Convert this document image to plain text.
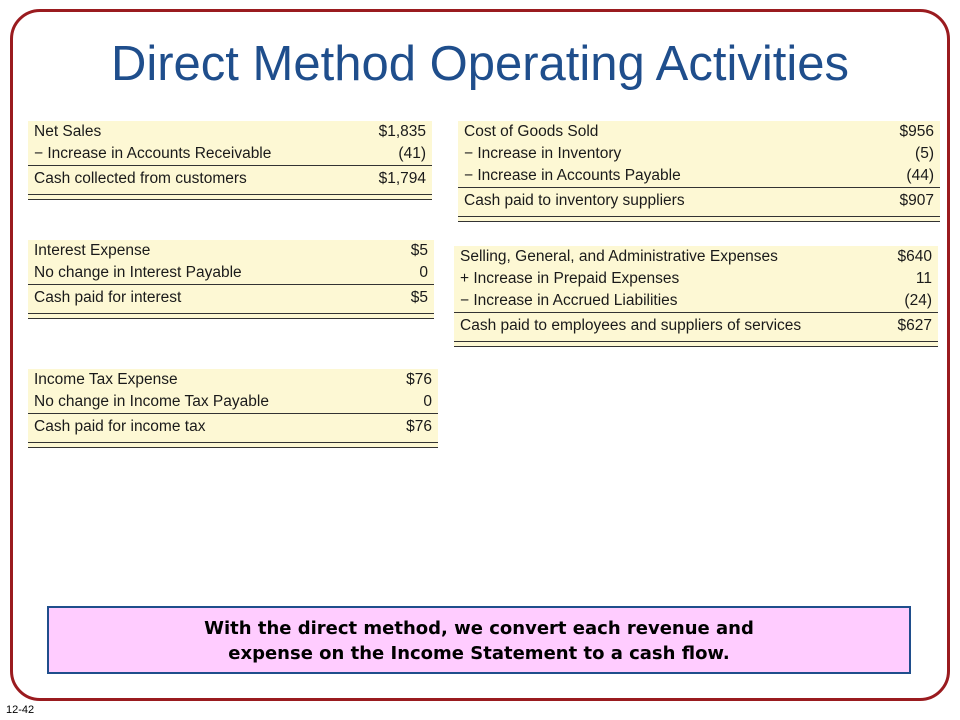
Direct Method Operating Activities
Net Sales	$1,835
− Increase in Accounts Receivable	(41)
Cash collected from customers	$1,794
Interest Expense	$5
No change in Interest Payable	0
Cash paid for interest	$5
Income Tax Expense	$76
No change in Income Tax Payable	0
Cash paid for income tax	$76
Cost of Goods Sold	$956
− Increase in Inventory	(5)
− Increase in Accounts Payable	(44)
Cash paid to inventory suppliers	$907
Selling, General, and Administrative Expenses	$640
+ Increase in Prepaid Expenses	11
− Increase in Accrued Liabilities	(24)
Cash paid to employees and suppliers of services	$627
With the direct method, we convert each revenue and
expense on the Income Statement to a cash flow.
12-42
